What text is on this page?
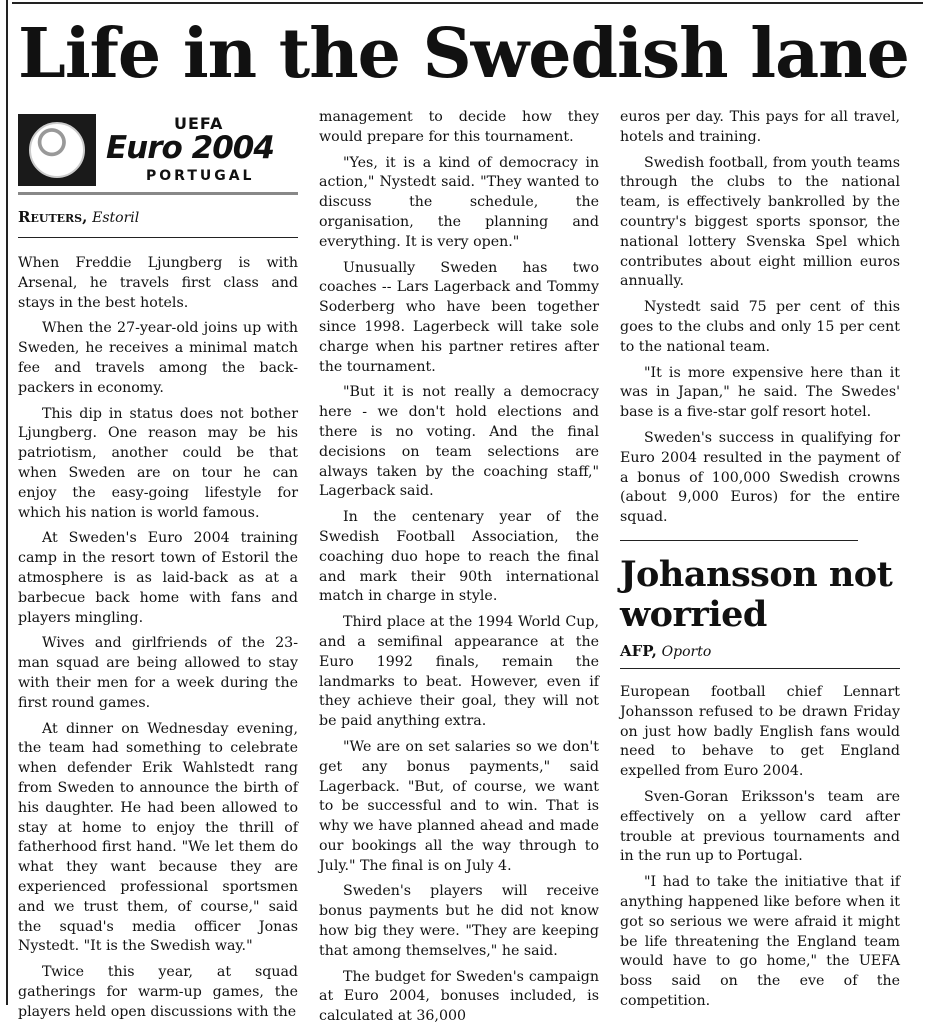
Life in the Swedish lane
UEFA
Euro 2004
PORTUGAL
Reuters, Estoril

When Freddie Ljungberg is with Arsenal, he travels first class and stays in the best hotels.

When the 27-year-old joins up with Sweden, he receives a minimal match fee and travels among the back-packers in economy.

This dip in status does not bother Ljungberg. One reason may be his patriotism, another could be that when Sweden are on tour he can enjoy the easy-going lifestyle for which his nation is world famous.

At Sweden's Euro 2004 training camp in the resort town of Estoril the atmosphere is as laid-back as at a barbecue back home with fans and players mingling.

Wives and girlfriends of the 23-man squad are being allowed to stay with their men for a week during the first round games.

At dinner on Wednesday evening, the team had something to celebrate when defender Erik Wahlstedt rang from Sweden to announce the birth of his daughter. He had been allowed to stay at home to enjoy the thrill of fatherhood first hand. "We let them do what they want because they are experienced professional sportsmen and we trust them, of course," said the squad's media officer Jonas Nystedt. "It is the Swedish way."

Twice this year, at squad gatherings for warm-up games, the players held open discussions with the

management to decide how they would prepare for this tournament.

"Yes, it is a kind of democracy in action," Nystedt said. "They wanted to discuss the schedule, the organisation, the planning and everything. It is very open."

Unusually Sweden has two coaches -- Lars Lagerback and Tommy Soderberg who have been together since 1998. Lagerbeck will take sole charge when his partner retires after the tournament.

"But it is not really a democracy here - we don't hold elections and there is no voting. And the final decisions on team selections are always taken by the coaching staff," Lagerback said.

In the centenary year of the Swedish Football Association, the coaching duo hope to reach the final and mark their 90th international match in charge in style.

Third place at the 1994 World Cup, and a semifinal appearance at the Euro 1992 finals, remain the landmarks to beat. However, even if they achieve their goal, they will not be paid anything extra.

"We are on set salaries so we don't get any bonus payments," said Lagerback. "But, of course, we want to be successful and to win. That is why we have planned ahead and made our bookings all the way through to July." The final is on July 4.

Sweden's players will receive bonus payments but he did not know how big they were. "They are keeping that among themselves," he said.

The budget for Sweden's campaign at Euro 2004, bonuses included, is calculated at 36,000

euros per day. This pays for all travel, hotels and training.

Swedish football, from youth teams through the clubs to the national team, is effectively bankrolled by the country's biggest sports sponsor, the national lottery Svenska Spel which contributes about eight million euros annually.

Nystedt said 75 per cent of this goes to the clubs and only 15 per cent to the national team.

"It is more expensive here than it was in Japan," he said. The Swedes' base is a five-star golf resort hotel.

Sweden's success in qualifying for Euro 2004 resulted in the payment of a bonus of 100,000 Swedish crowns (about 9,000 Euros) for the entire squad.

Johansson not worried
AFP, Oporto

European football chief Lennart Johansson refused to be drawn Friday on just how badly English fans would need to behave to get England expelled from Euro 2004.

Sven-Goran Eriksson's team are effectively on a yellow card after trouble at previous tournaments and in the run up to Portugal.

"I had to take the initiative that if anything happened like before when it got so serious we were afraid it might be life threatening the England team would have to go home," the UEFA boss said on the eve of the competition.
